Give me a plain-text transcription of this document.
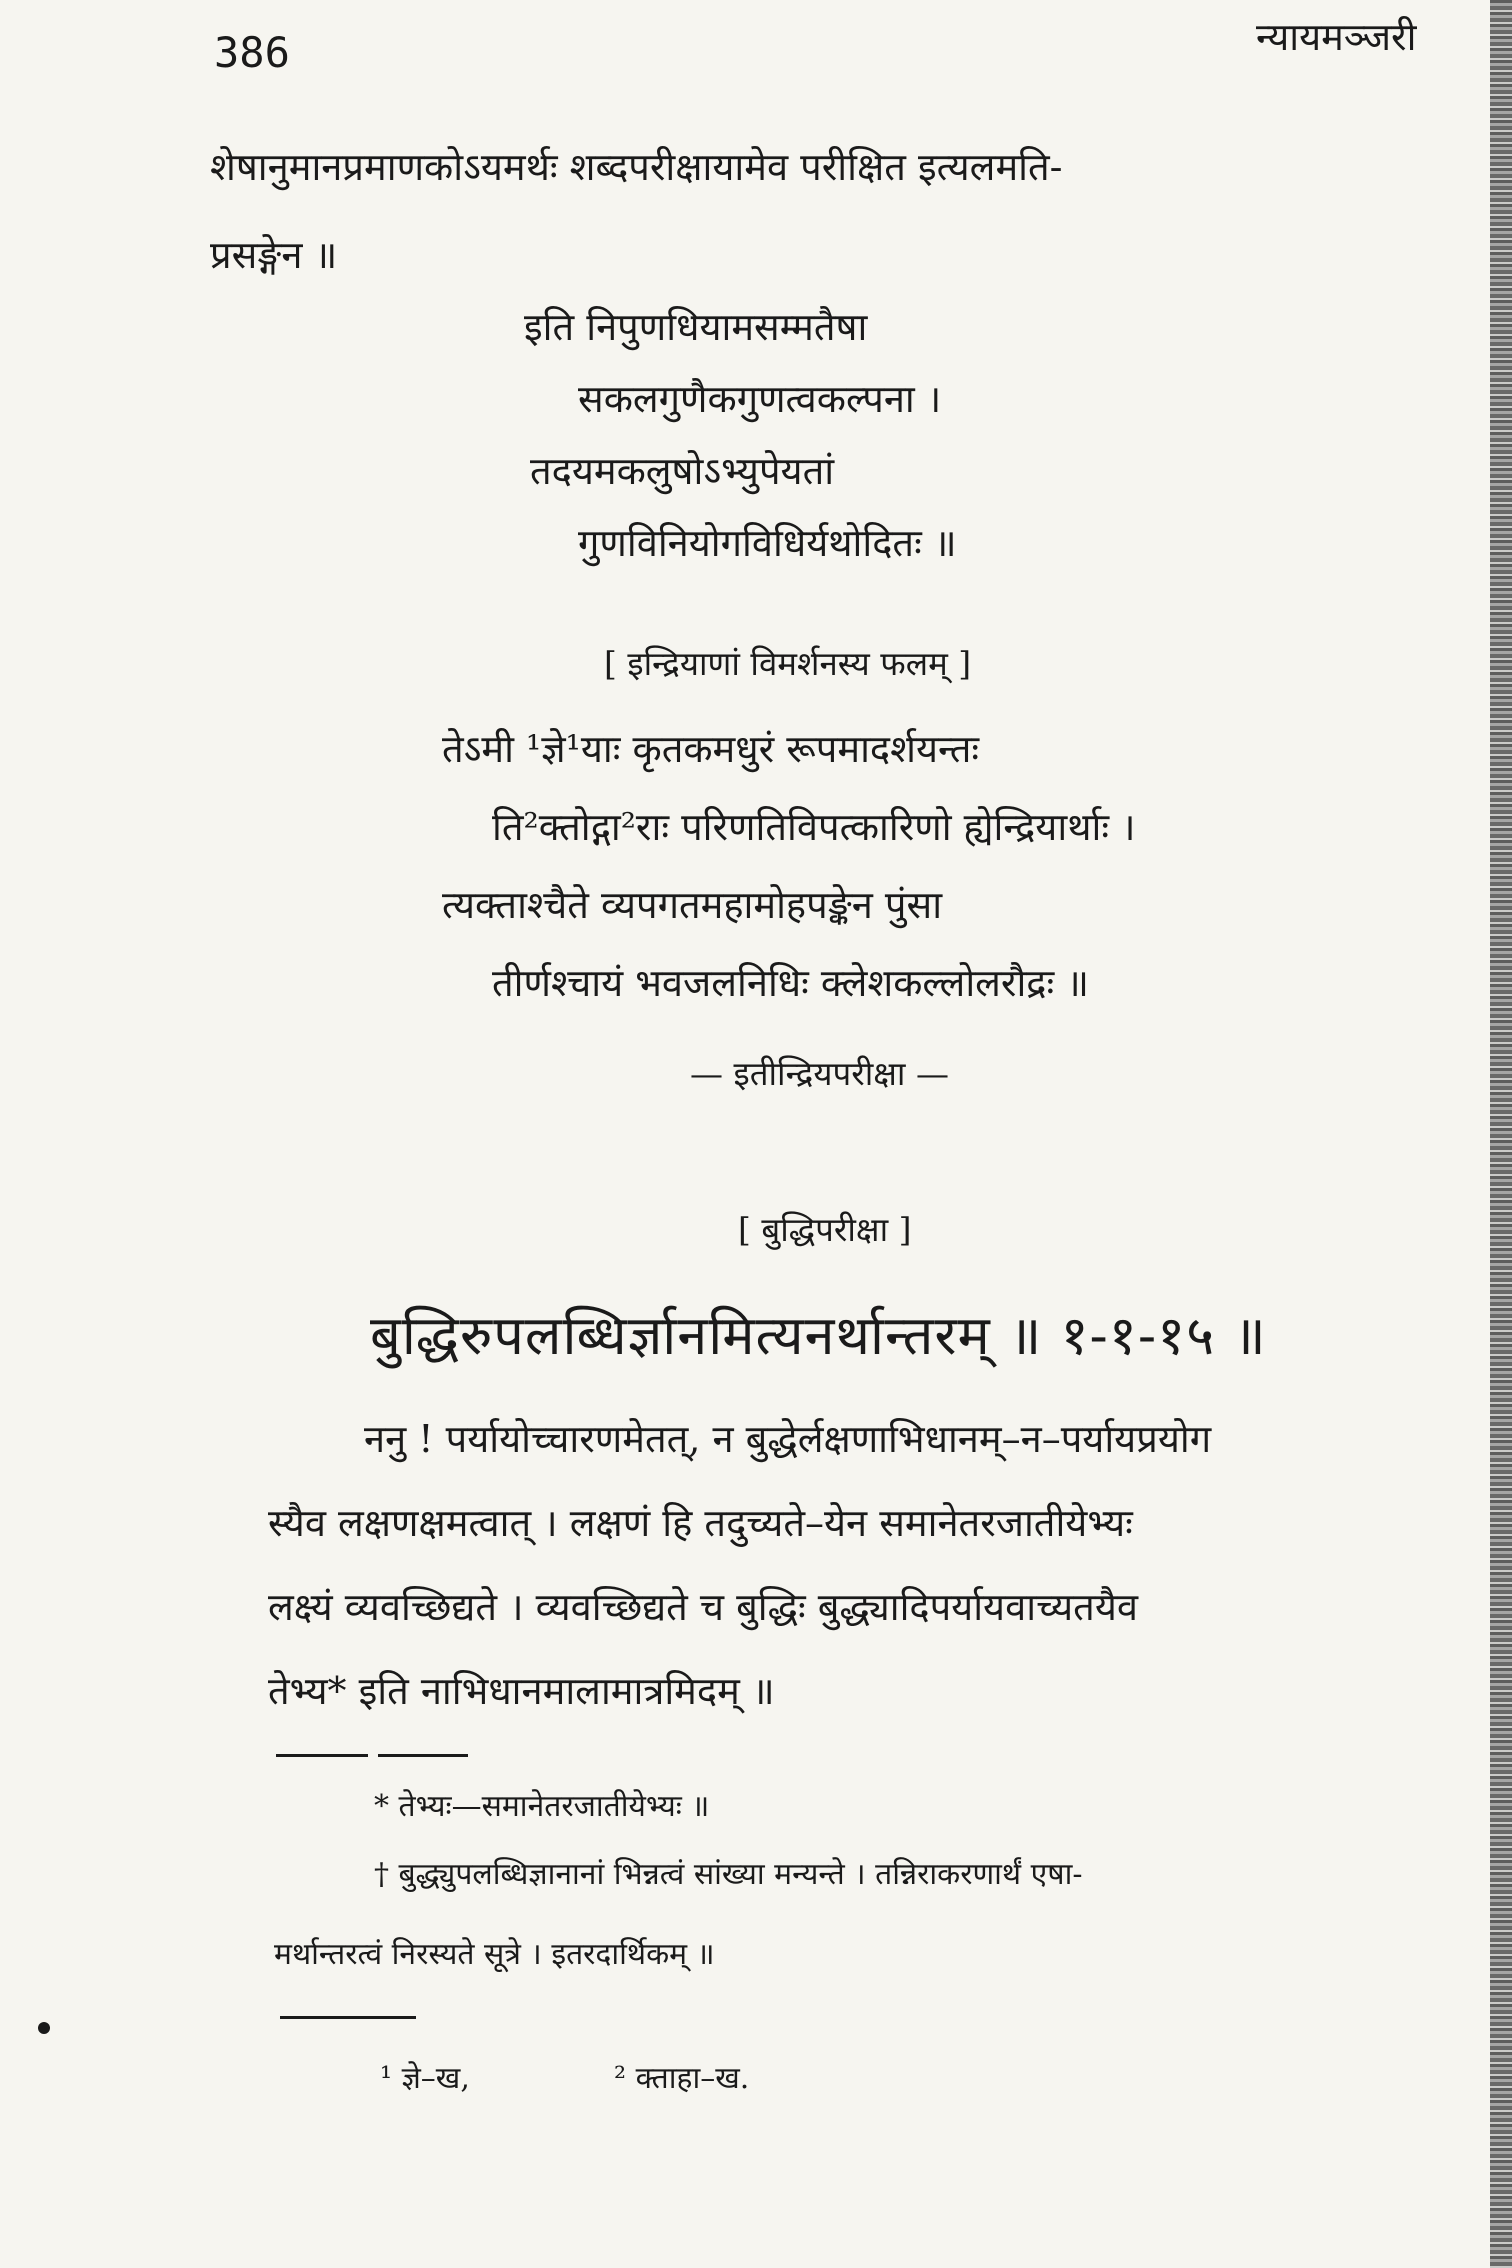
386	न्यायमञ्जरी
शेषानुमानप्रमाणकोऽयमर्थः शब्दपरीक्षायामेव परीक्षित इत्यलमति-
प्रसङ्गेन ॥
इति निपुणधियामसम्मतैषा
सकलगुणैकगुणत्वकल्पना ।
तदयमकलुषोऽभ्युपेयतां
गुणविनियोगविधिर्यथोदितः ॥
[ इन्द्रियाणां विमर्शनस्य फलम् ]
तेऽमी ¹ज्ञे¹याः कृतकमधुरं रूपमादर्शयन्तः
ति²क्तोद्गा²राः परिणतिविपत्कारिणो ह्येन्द्रियार्थाः ।
त्यक्ताश्चैते व्यपगतमहामोहपङ्केन पुंसा
तीर्णश्चायं भवजलनिधिः क्लेशकल्लोलरौद्रः ॥
— इतीन्द्रियपरीक्षा —
[ बुद्धिपरीक्षा ]
बुद्धिरुपलब्धिर्ज्ञानमित्यनर्थान्तरम् ॥ १-१-१५ ॥
ननु ! पर्यायोच्चारणमेतत्, न बुद्धेर्लक्षणाभिधानम्–न–पर्यायप्रयोग
स्यैव लक्षणक्षमत्वात् । लक्षणं हि तदुच्यते–येन समानेतरजातीयेभ्यः
लक्ष्यं व्यवच्छिद्यते । व्यवच्छिद्यते च बुद्धिः बुद्ध्यादिपर्यायवाच्यतयैव
तेभ्य* इति नाभिधानमालामात्रमिदम् ॥
* तेभ्यः—समानेतरजातीयेभ्यः ॥
† बुद्ध्युपलब्धिज्ञानानां भिन्नत्वं सांख्या मन्यन्ते । तन्निराकरणार्थं एषा-
मर्थान्तरत्वं निरस्यते सूत्रे । इतरदार्थिकम् ॥
¹ ज्ञे–ख,	² क्ताहा–ख.
